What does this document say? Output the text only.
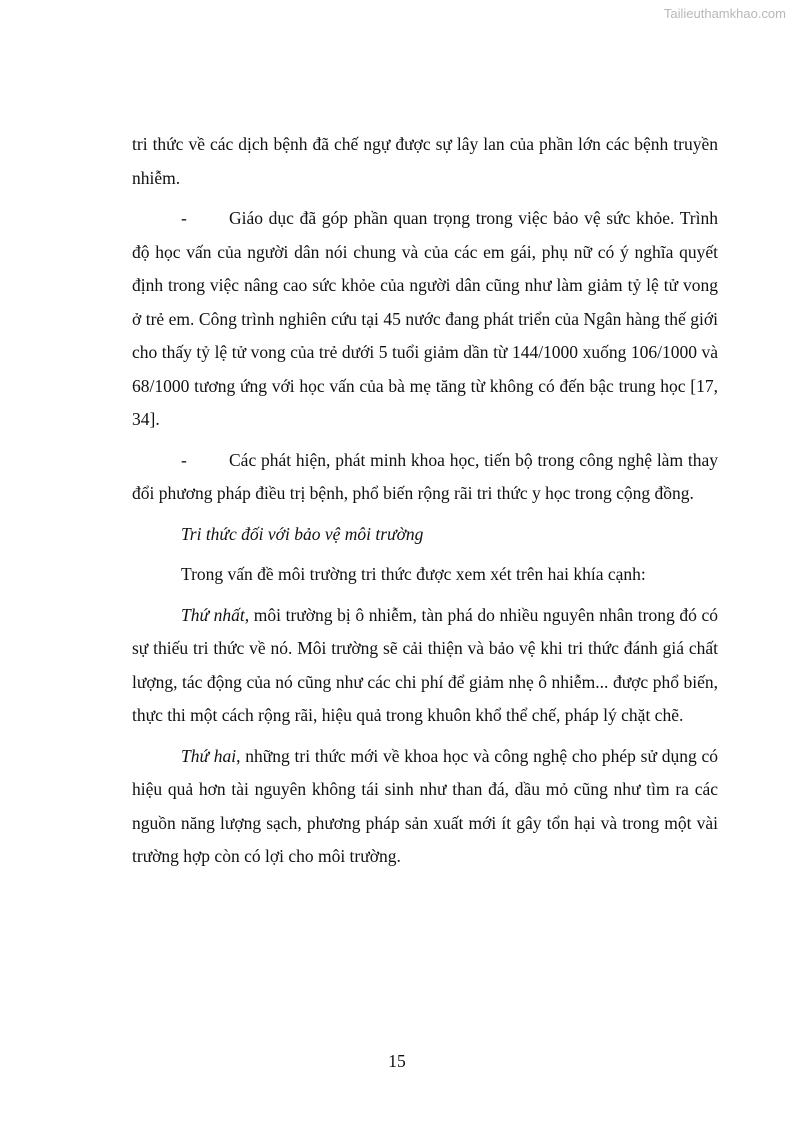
Tailieuthamkhao.com

tri thức về các dịch bệnh đã chế ngự được sự lây lan của phần lớn các bệnh truyền nhiễm.

- Giáo dục đã góp phần quan trọng trong việc bảo vệ sức khỏe. Trình độ học vấn của người dân nói chung và của các em gái, phụ nữ có ý nghĩa quyết định trong việc nâng cao sức khỏe của người dân cũng như làm giảm tỷ lệ tử vong ở trẻ em. Công trình nghiên cứu tại 45 nước đang phát triển của Ngân hàng thế giới cho thấy tỷ lệ tử vong của trẻ dưới 5 tuổi giảm dần từ 144/1000 xuống 106/1000 và 68/1000 tương ứng với học vấn của bà mẹ tăng từ không có đến bậc trung học [17, 34].

- Các phát hiện, phát minh khoa học, tiến bộ trong công nghệ làm thay đổi phương pháp điều trị bệnh, phổ biến rộng rãi tri thức y học trong cộng đồng.

Tri thức đối với bảo vệ môi trường

Trong vấn đề môi trường tri thức được xem xét trên hai khía cạnh:

Thứ nhất, môi trường bị ô nhiễm, tàn phá do nhiều nguyên nhân trong đó có sự thiếu tri thức về nó. Môi trường sẽ cải thiện và bảo vệ khi tri thức đánh giá chất lượng, tác động của nó cũng như các chi phí để giảm nhẹ ô nhiễm... được phổ biến, thực thi một cách rộng rãi, hiệu quả trong khuôn khổ thể chế, pháp lý chặt chẽ.

Thứ hai, những tri thức mới về khoa học và công nghệ cho phép sử dụng có hiệu quả hơn tài nguyên không tái sinh như than đá, dầu mỏ cũng như tìm ra các nguồn năng lượng sạch, phương pháp sản xuất mới ít gây tổn hại và trong một vài trường hợp còn có lợi cho môi trường.

15
